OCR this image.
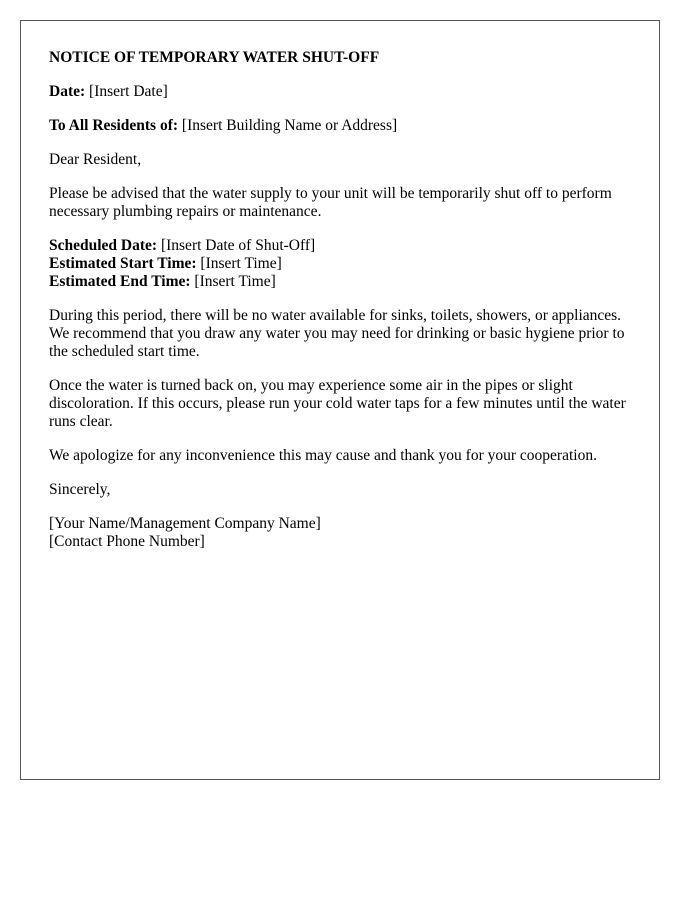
NOTICE OF TEMPORARY WATER SHUT-OFF

Date: [Insert Date]

To All Residents of: [Insert Building Name or Address]

Dear Resident,

Please be advised that the water supply to your unit will be temporarily shut off to perform necessary plumbing repairs or maintenance.

Scheduled Date: [Insert Date of Shut-Off]
Estimated Start Time: [Insert Time]
Estimated End Time: [Insert Time]

During this period, there will be no water available for sinks, toilets, showers, or appliances. We recommend that you draw any water you may need for drinking or basic hygiene prior to the scheduled start time.

Once the water is turned back on, you may experience some air in the pipes or slight discoloration. If this occurs, please run your cold water taps for a few minutes until the water runs clear.

We apologize for any inconvenience this may cause and thank you for your cooperation.

Sincerely,

[Your Name/Management Company Name]
[Contact Phone Number]
